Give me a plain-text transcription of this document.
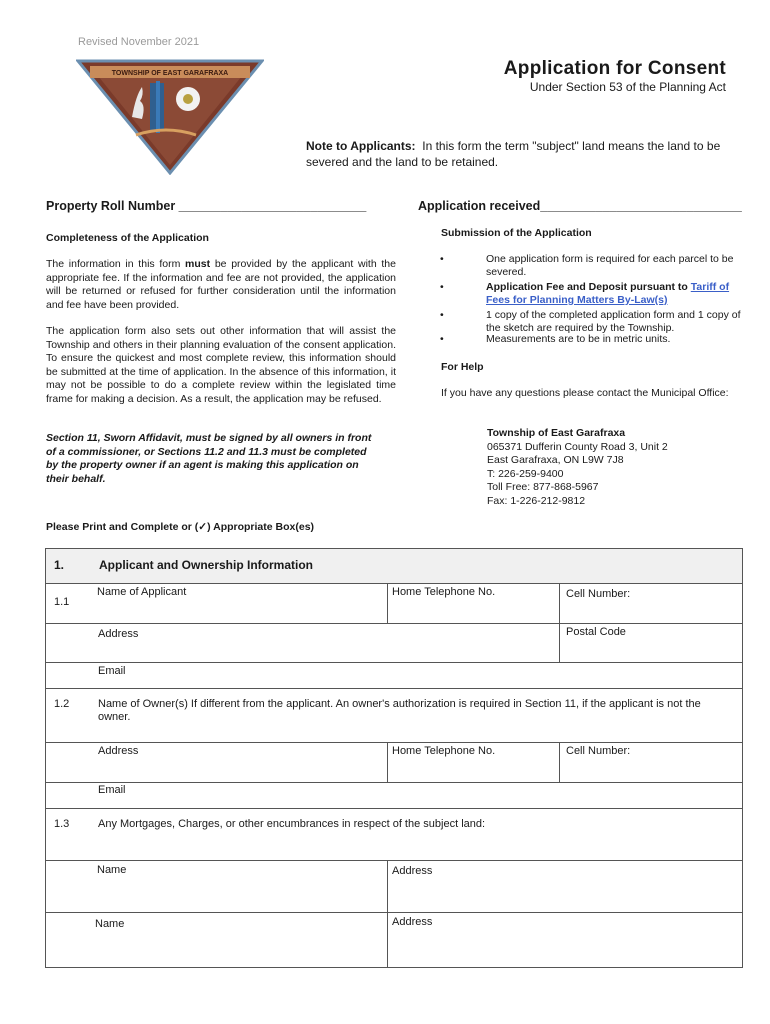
Revised November 2021
TOWNSHIP OF EAST GARAFRAXA	Application for Consent
Under Section 53 of the Planning Act
Note to Applicants: In this form the term "subject" land means the land to be severed and the land to be retained.
Property Roll Number ___________________________	Application received_____________________________
Completeness of the Application
The information in this form must be provided by the applicant with the appropriate fee. If the information and fee are not provided, the application will be returned or refused for further consideration until the information and fee have been provided.
The application form also sets out other information that will assist the Township and others in their planning evaluation of the consent application. To ensure the quickest and most complete review, this information should be submitted at the time of application. In the absence of this information, it may not be possible to do a complete review within the legislated time frame for making a decision. As a result, the application may be refused.
Section 11, Sworn Affidavit, must be signed by all owners in front of a commissioner, or Sections 11.2 and 11.3 must be completed by the property owner if an agent is making this application on their behalf.
Submission of the Application
•	One application form is required for each parcel to be severed.
•	Application Fee and Deposit pursuant to Tariff of Fees for Planning Matters By-Law(s)
•	1 copy of the completed application form and 1 copy of the sketch are required by the Township.
•	Measurements are to be in metric units.
For Help
If you have any questions please contact the Municipal Office:
Township of East Garafraxa
065371 Dufferin County Road 3, Unit 2
East Garafraxa, ON L9W 7J8
T: 226-259-9400
Toll Free: 877-868-5967
Fax: 1-226-212-9812
Please Print and Complete or (✓) Appropriate Box(es)
1.	Applicant and Ownership Information
1.1
Name of Applicant	Home Telephone No.	Cell Number:
Address	Postal Code
Email
1.2	Name of Owner(s) If different from the applicant. An owner's authorization is required in Section 11, if the applicant is not the owner.
Address	Home Telephone No.	Cell Number:
Email
1.3	Any Mortgages, Charges, or other encumbrances in respect of the subject land:
Name	Address
Name	Address
